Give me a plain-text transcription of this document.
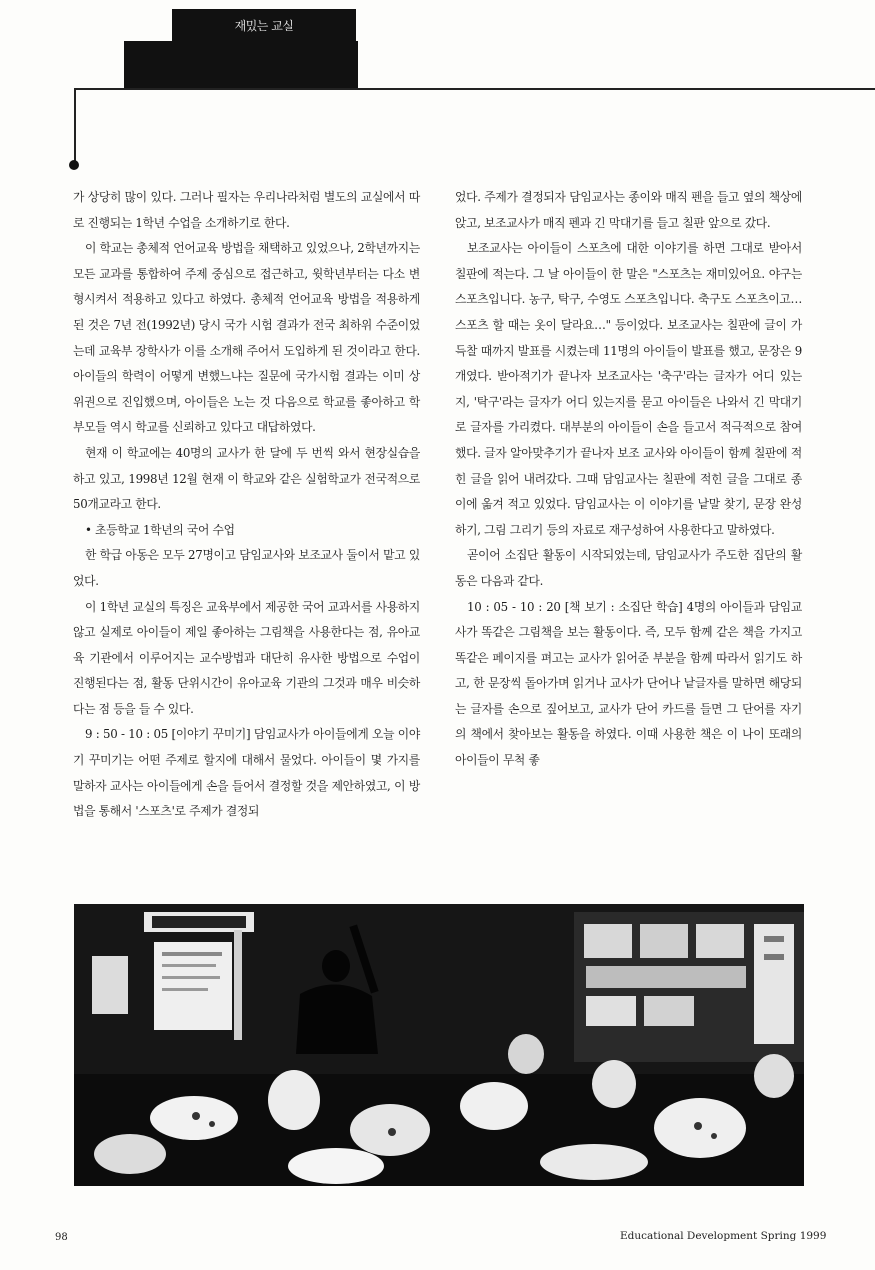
재밌는 교실

가 상당히 많이 있다. 그러나 필자는 우리나라처럼 별도의 교실에서 따로 진행되는 1학년 수업을 소개하기로 한다.

이 학교는 총체적 언어교육 방법을 채택하고 있었으나, 2학년까지는 모든 교과를 통합하여 주제 중심으로 접근하고, 윗학년부터는 다소 변형시켜서 적용하고 있다고 하였다. 총체적 언어교육 방법을 적용하게 된 것은 7년 전(1992년) 당시 국가 시험 결과가 전국 최하위 수준이었는데 교육부 장학사가 이를 소개해 주어서 도입하게 된 것이라고 한다. 아이들의 학력이 어떻게 변했느냐는 질문에 국가시험 결과는 이미 상위권으로 진입했으며, 아이들은 노는 것 다음으로 학교를 좋아하고 학부모들 역시 학교를 신뢰하고 있다고 대답하였다.

현재 이 학교에는 40명의 교사가 한 달에 두 번씩 와서 현장실습을 하고 있고, 1998년 12월 현재 이 학교와 같은 실험학교가 전국적으로 50개교라고 한다.

• 초등학교 1학년의 국어 수업

한 학급 아동은 모두 27명이고 담임교사와 보조교사 둘이서 맡고 있었다.

이 1학년 교실의 특징은 교육부에서 제공한 국어 교과서를 사용하지 않고 실제로 아이들이 제일 좋아하는 그림책을 사용한다는 점, 유아교육 기관에서 이루어지는 교수방법과 대단히 유사한 방법으로 수업이 진행된다는 점, 활동 단위시간이 유아교육 기관의 그것과 매우 비슷하다는 점 등을 들 수 있다.

9 : 50 - 10 : 05 [이야기 꾸미기] 담임교사가 아이들에게 오늘 이야기 꾸미기는 어떤 주제로 할지에 대해서 물었다. 아이들이 몇 가지를 말하자 교사는 아이들에게 손을 들어서 결정할 것을 제안하였고, 이 방법을 통해서 '스포츠'로 주제가 결정되

었다. 주제가 결정되자 담임교사는 종이와 매직 펜을 들고 옆의 책상에 앉고, 보조교사가 매직 펜과 긴 막대기를 들고 칠판 앞으로 갔다.

보조교사는 아이들이 스포츠에 대한 이야기를 하면 그대로 받아서 칠판에 적는다. 그 날 아이들이 한 말은 "스포츠는 재미있어요. 야구는 스포츠입니다. 농구, 탁구, 수영도 스포츠입니다. 축구도 스포츠이고… 스포츠 할 때는 옷이 달라요…" 등이었다. 보조교사는 칠판에 글이 가득찰 때까지 발표를 시켰는데 11명의 아이들이 발표를 했고, 문장은 9개였다. 받아적기가 끝나자 보조교사는 '축구'라는 글자가 어디 있는지, '탁구'라는 글자가 어디 있는지를 묻고 아이들은 나와서 긴 막대기로 글자를 가리켰다. 대부분의 아이들이 손을 들고서 적극적으로 참여했다. 글자 알아맞추기가 끝나자 보조 교사와 아이들이 함께 칠판에 적힌 글을 읽어 내려갔다. 그때 담임교사는 칠판에 적힌 글을 그대로 종이에 옮겨 적고 있었다. 담임교사는 이 이야기를 낱말 찾기, 문장 완성하기, 그림 그리기 등의 자료로 재구성하여 사용한다고 말하였다.

곧이어 소집단 활동이 시작되었는데, 담임교사가 주도한 집단의 활동은 다음과 같다.

10 : 05 - 10 : 20 [책 보기 : 소집단 학습] 4명의 아이들과 담임교사가 똑같은 그림책을 보는 활동이다. 즉, 모두 함께 같은 책을 가지고 똑같은 페이지를 펴고는 교사가 읽어준 부분을 함께 따라서 읽기도 하고, 한 문장씩 돌아가며 읽거나 교사가 단어나 낱글자를 말하면 해당되는 글자를 손으로 짚어보고, 교사가 단어 카드를 들면 그 단어를 자기의 책에서 찾아보는 활동을 하였다. 이때 사용한 책은 이 나이 또래의 아이들이 무척 좋

98	Educational Development Spring 1999
